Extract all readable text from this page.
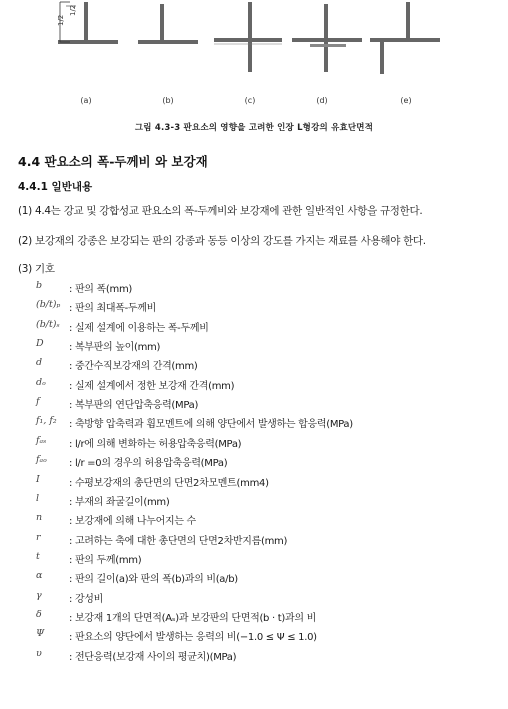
1/2
1/2
(a)	(b)	(c)	(d)	(e)
그림 4.3-3 판요소의 영향을 고려한 인장 L형강의 유효단면적
4.4 판요소의 폭-두께비 와 보강재
4.4.1 일반내용
(1) 4.4는 강교 및 강합성교 판요소의 폭-두께비와 보강재에 관한 일반적인 사항을 규정한다.
(2) 보강재의 강종은 보강되는 판의 강종과 동등 이상의 강도를 가지는 재료를 사용해야 한다.
(3) 기호
b	: 판의 폭(mm)
(b/t)ₚ : 판의 최대폭-두께비
(b/t)ₛ : 실제 설계에 이용하는 폭-두께비
D	: 복부판의 높이(mm)
d	: 중간수직보강재의 간격(mm)
dₒ : 실제 설계에서 정한 보강재 간격(mm)
f	: 복부판의 연단압축응력(MPa)
f₁, f₂ : 축방향 압축력과 휨모멘트에 의해 양단에서 발생하는 합응력(MPa)
fₐₛ : l/r에 의해 변화하는 허용압축응력(MPa)
fₐₒ : l/r =0의 경우의 허용압축응력(MPa)
I	: 수평보강재의 총단면의 단면2차모멘트(mm4)
l	: 부재의 좌굴길이(mm)
n	: 보강재에 의해 나누어지는 수
r	: 고려하는 축에 대한 총단면의 단면2차반지름(mm)
t	: 판의 두께(mm)
α	: 판의 길이(a)와 판의 폭(b)과의 비(a/b)
γ	: 강성비
δ	: 보강재 1개의 단면적(Aₛ)과 보강판의 단면적(b · t)과의 비
Ψ : 판요소의 양단에서 발생하는 응력의 비(−1.0 ≤ Ψ ≤ 1.0)
υ	: 전단응력(보강재 사이의 평균치)(MPa)
